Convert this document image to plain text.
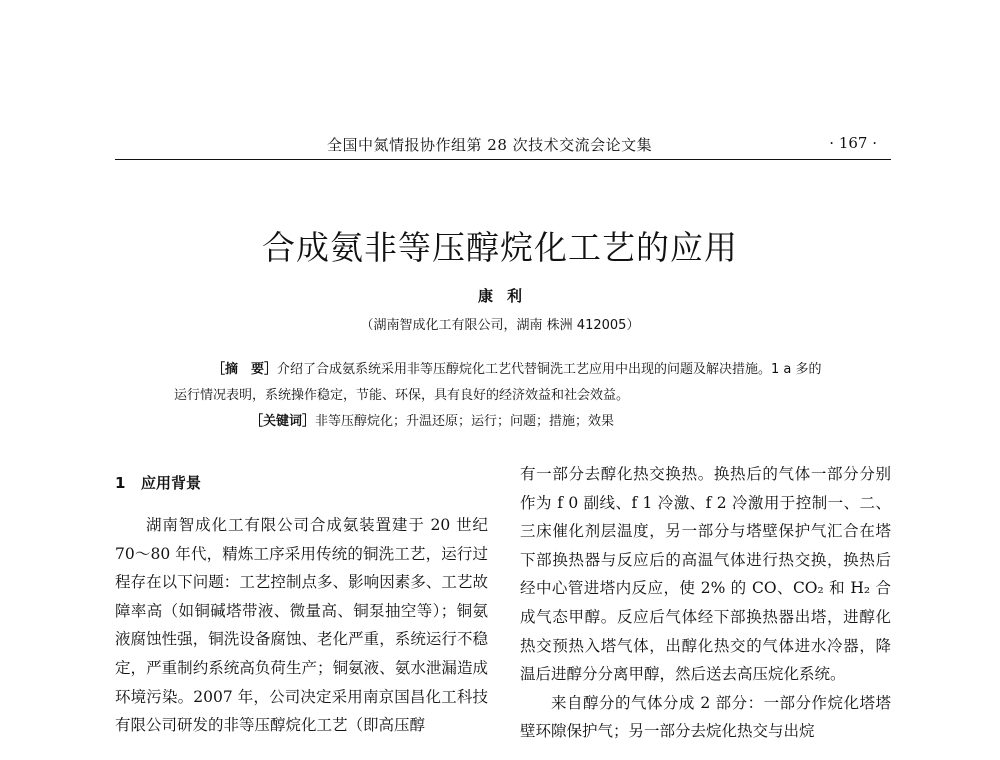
全国中氮情报协作组第 28 次技术交流会论文集	· 167 ·
合成氨非等压醇烷化工艺的应用
康利
（湖南智成化工有限公司，湖南 株洲 412005）

［摘　要］介绍了合成氨系统采用非等压醇烷化工艺代替铜洗工艺应用中出现的问题及解决措施。1 a 多的运行情况表明，系统操作稳定，节能、环保，具有良好的经济效益和社会效益。

［关键词］非等压醇烷化；升温还原；运行；问题；措施；效果

1 应用背景

湖南智成化工有限公司合成氨装置建于 20 世纪 70～80 年代，精炼工序采用传统的铜洗工艺，运行过程存在以下问题：工艺控制点多、影响因素多、工艺故障率高（如铜碱塔带液、微量高、铜泵抽空等）；铜氨液腐蚀性强，铜洗设备腐蚀、老化严重，系统运行不稳定，严重制约系统高负荷生产；铜氨液、氨水泄漏造成环境污染。2007 年，公司决定采用南京国昌化工科技有限公司研发的非等压醇烷化工艺（即高压醇

有一部分去醇化热交换热。换热后的气体一部分分别作为 f 0 副线、f 1 冷激、f 2 冷激用于控制一、二、三床催化剂层温度，另一部分与塔壁保护气汇合在塔下部换热器与反应后的高温气体进行热交换，换热后经中心管进塔内反应，使 2% 的 CO、CO₂ 和 H₂ 合成气态甲醇。反应后气体经下部换热器出塔，进醇化热交预热入塔气体，出醇化热交的气体进水冷器，降温后进醇分分离甲醇，然后送去高压烷化系统。

来自醇分的气体分成 2 部分：一部分作烷化塔塔壁环隙保护气；另一部分去烷化热交与出烷
